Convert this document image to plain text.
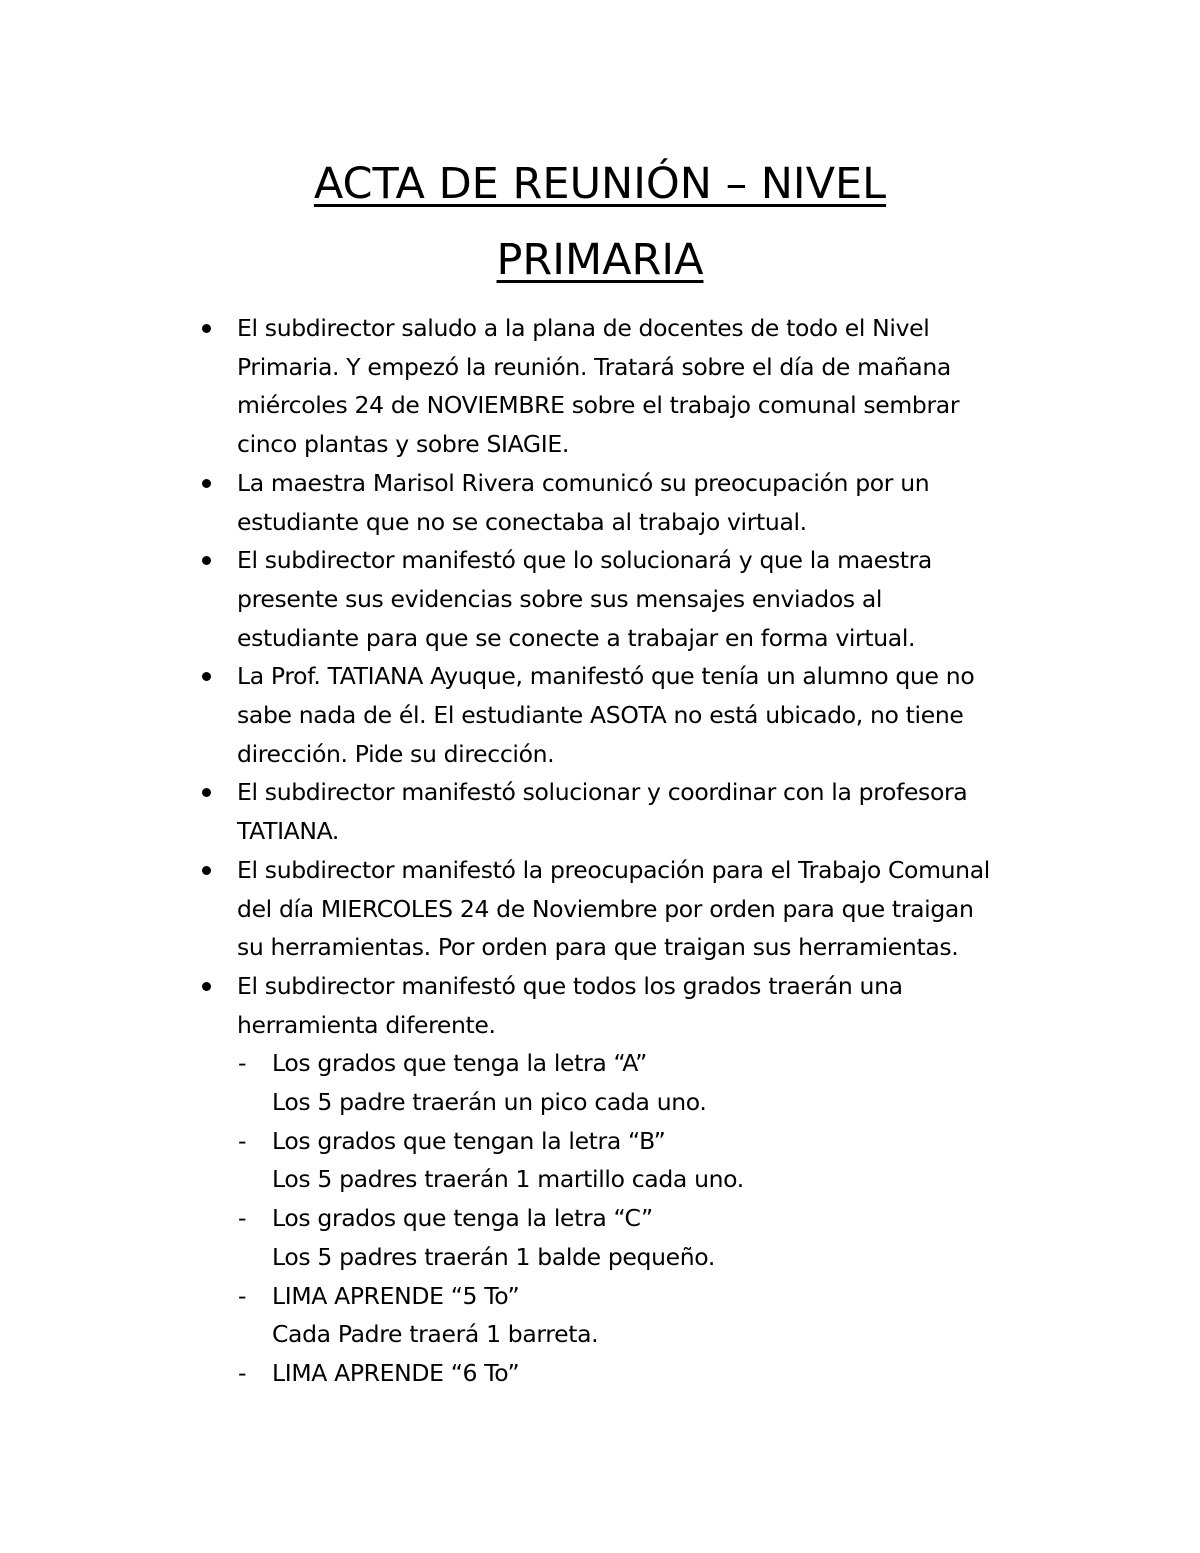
ACTA DE REUNIÓN – NIVEL
PRIMARIA
El subdirector saludo a la plana de docentes de todo el Nivel
Primaria. Y empezó la reunión. Tratará sobre el día de mañana
miércoles 24 de NOVIEMBRE sobre el trabajo comunal sembrar
cinco plantas y sobre SIAGIE.
La maestra Marisol Rivera comunicó su preocupación por un
estudiante que no se conectaba al trabajo virtual.
El subdirector manifestó que lo solucionará y que la maestra
presente sus evidencias sobre sus mensajes enviados al
estudiante para que se conecte a trabajar en forma virtual.
La Prof. TATIANA Ayuque, manifestó que tenía un alumno que no
sabe nada de él. El estudiante ASOTA no está ubicado, no tiene
dirección. Pide su dirección.
El subdirector manifestó solucionar y coordinar con la profesora
TATIANA.
El subdirector manifestó la preocupación para el Trabajo Comunal
del día MIERCOLES 24 de Noviembre por orden para que traigan
su herramientas. Por orden para que traigan sus herramientas.
El subdirector manifestó que todos los grados traerán una
herramienta diferente.
- Los grados que tenga la letra “A”
Los 5 padre traerán un pico cada uno.
- Los grados que tengan la letra “B”
Los 5 padres traerán 1 martillo cada uno.
- Los grados que tenga la letra “C”
Los 5 padres traerán 1 balde pequeño.
- LIMA APRENDE “5 To”
Cada Padre traerá 1 barreta.
- LIMA APRENDE “6 To”
